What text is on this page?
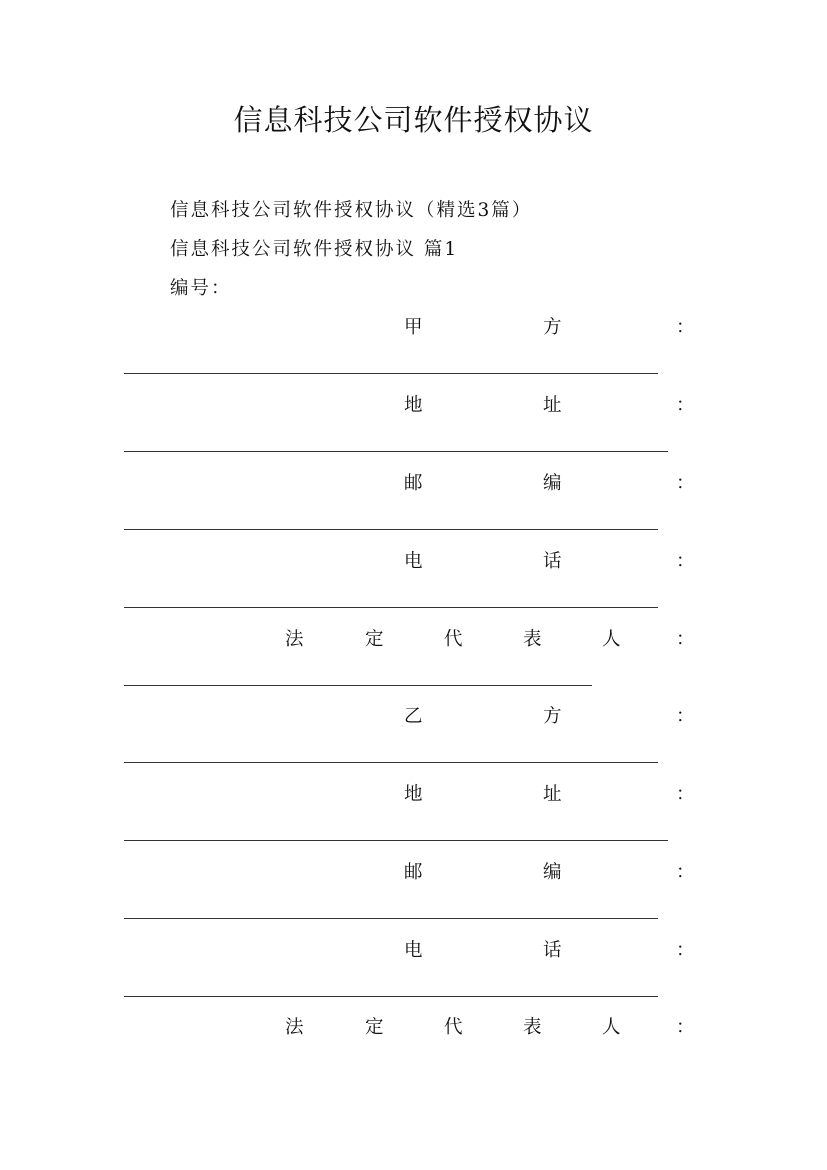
信息科技公司软件授权协议
信息科技公司软件授权协议（精选3篇）
信息科技公司软件授权协议 篇1
编号：
甲	方	：
地	址	：
邮	编	：
电	话	：
法	定	代	表	人	：
乙	方	：
地	址	：
邮	编	：
电	话	：
法	定	代	表	人	：
